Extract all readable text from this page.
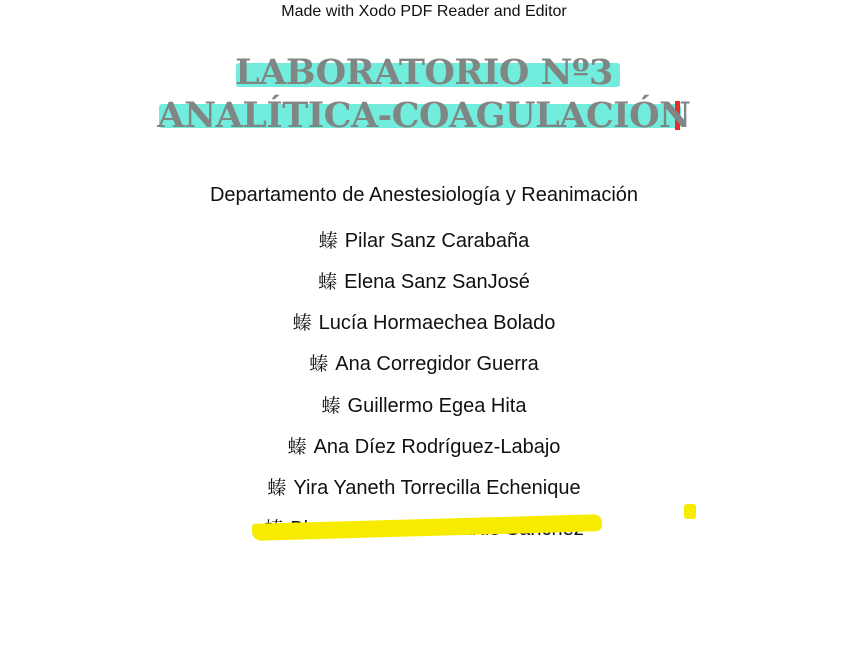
Made with Xodo PDF Reader and Editor
LABORATORIO Nº3
ANALÍTICA-COAGULACIÓN
Departamento de Anestesiología y Reanimación
螓 Pilar Sanz Carabaña
螓 Elena Sanz SanJosé
螓 Lucía Hormaechea Bolado
螓 Ana Corregidor Guerra
螓 Guillermo Egea Hita
螓 Ana Díez Rodríguez-Labajo
螓 Yira Yaneth Torrecilla Echenique
